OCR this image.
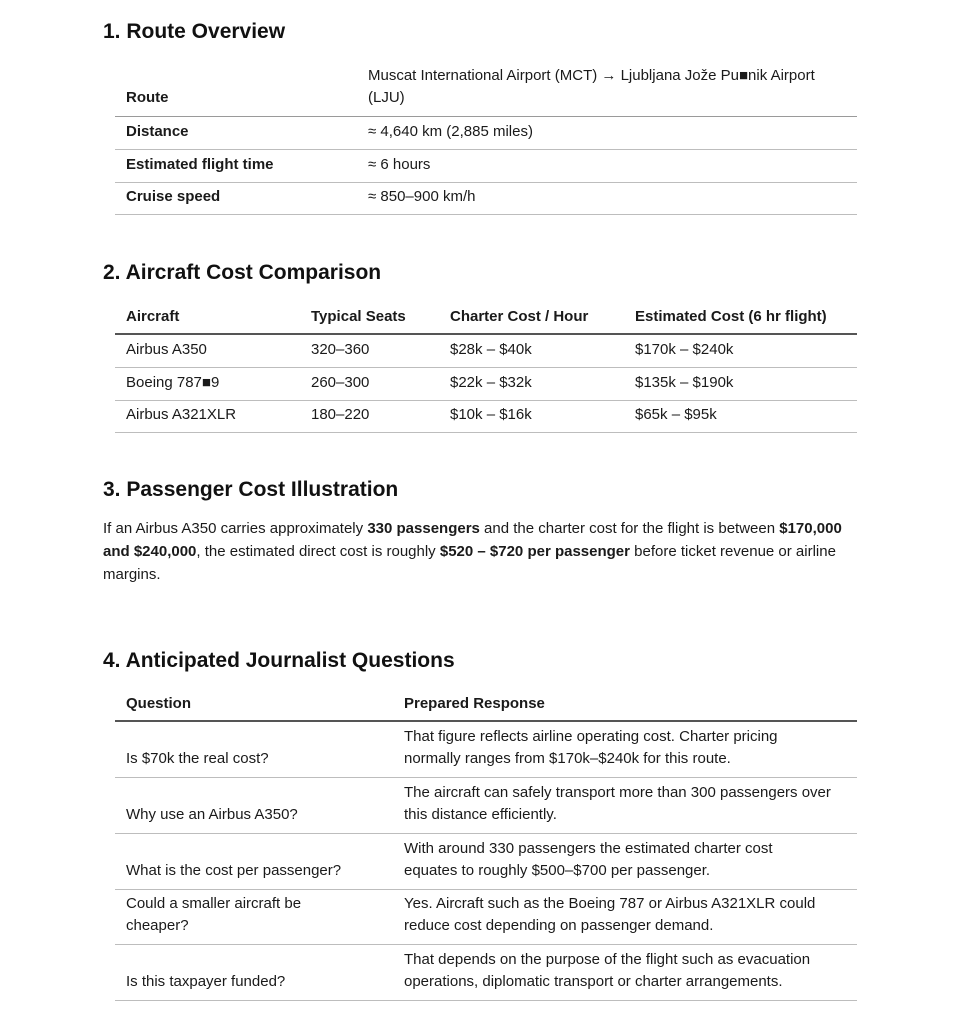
1. Route Overview
Route	Muscat International Airport (MCT) → Ljubljana Jože Pu■nik Airport (LJU)
Distance	≈ 4,640 km (2,885 miles)
Estimated flight time	≈ 6 hours
Cruise speed	≈ 850–900 km/h
2. Aircraft Cost Comparison
Aircraft	Typical Seats	Charter Cost / Hour	Estimated Cost (6 hr flight)
Airbus A350	320–360	$28k – $40k	$170k – $240k
Boeing 787■9	260–300	$22k – $32k	$135k – $190k
Airbus A321XLR	180–220	$10k – $16k	$65k – $95k
3. Passenger Cost Illustration

If an Airbus A350 carries approximately 330 passengers and the charter cost for the flight is between $170,000 and $240,000, the estimated direct cost is roughly $520 – $720 per passenger before ticket revenue or airline margins.

4. Anticipated Journalist Questions
Question	Prepared Response
Is $70k the real cost?	That figure reflects airline operating cost. Charter pricing normally ranges from $170k–$240k for this route.
Why use an Airbus A350?	The aircraft can safely transport more than 300 passengers over this distance efficiently.
What is the cost per passenger?	With around 330 passengers the estimated charter cost equates to roughly $500–$700 per passenger.
Could a smaller aircraft be cheaper?	Yes. Aircraft such as the Boeing 787 or Airbus A321XLR could reduce cost depending on passenger demand.
Is this taxpayer funded?	That depends on the purpose of the flight such as evacuation operations, diplomatic transport or charter arrangements.
